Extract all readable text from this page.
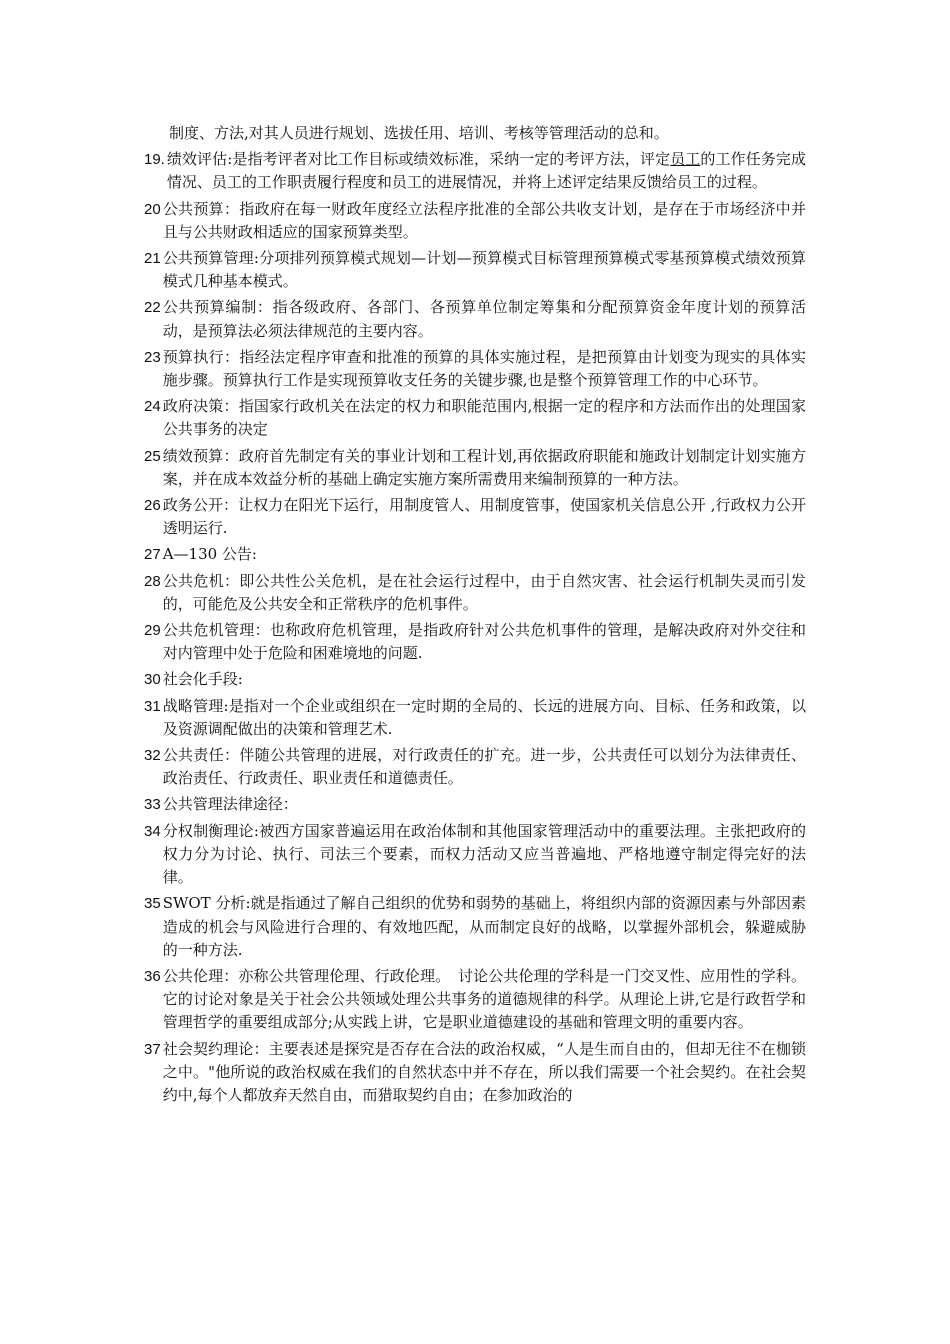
制度、方法,对其人员进行规划、选拔任用、培训、考核等管理活动的总和。
19. 绩效评估:是指考评者对比工作目标或绩效标准，采纳一定的考评方法，评定员工的工作任务完成情况、员工的工作职责履行程度和员工的进展情况，并将上述评定结果反馈给员工的过程。
20 公共预算：指政府在每一财政年度经立法程序批准的全部公共收支计划，是存在于市场经济中并且与公共财政相适应的国家预算类型。
21 公共预算管理:分项排列预算模式规划—计划—预算模式目标管理预算模式零基预算模式绩效预算模式几种基本模式。
22 公共预算编制：指各级政府、各部门、各预算单位制定筹集和分配预算资金年度计划的预算活动，是预算法必须法律规范的主要内容。
23 预算执行：指经法定程序审查和批准的预算的具体实施过程，是把预算由计划变为现实的具体实施步骤。预算执行工作是实现预算收支任务的关键步骤,也是整个预算管理工作的中心环节。
24 政府决策：指国家行政机关在法定的权力和职能范围内,根据一定的程序和方法而作出的处理国家公共事务的决定
25 绩效预算：政府首先制定有关的事业计划和工程计划,再依据政府职能和施政计划制定计划实施方案，并在成本效益分析的基础上确定实施方案所需费用来编制预算的一种方法。
26 政务公开：让权力在阳光下运行，用制度管人、用制度管事，使国家机关信息公开 ,行政权力公开透明运行.
27 A—130 公告:
28 公共危机：即公共性公关危机，是在社会运行过程中，由于自然灾害、社会运行机制失灵而引发的，可能危及公共安全和正常秩序的危机事件。
29 公共危机管理：也称政府危机管理，是指政府针对公共危机事件的管理，是解决政府对外交往和对内管理中处于危险和困难境地的问题.
30 社会化手段:
31 战略管理:是指对一个企业或组织在一定时期的全局的、长远的进展方向、目标、任务和政策，以及资源调配做出的决策和管理艺术.
32 公共责任：伴随公共管理的进展，对行政责任的扩充。进一步，公共责任可以划分为法律责任、政治责任、行政责任、职业责任和道德责任。
33 公共管理法律途径：
34 分权制衡理论:被西方国家普遍运用在政治体制和其他国家管理活动中的重要法理。主张把政府的权力分为讨论、执行、司法三个要素，而权力活动又应当普遍地、严格地遵守制定得完好的法律。
35 SWOT 分析:就是指通过了解自己组织的优势和弱势的基础上，将组织内部的资源因素与外部因素造成的机会与风险进行合理的、有效地匹配，从而制定良好的战略，以掌握外部机会，躲避威胁的一种方法.
36 公共伦理：亦称公共管理伦理、行政伦理。　讨论公共伦理的学科是一门交叉性、应用性的学科。它的讨论对象是关于社会公共领域处理公共事务的道德规律的科学。从理论上讲,它是行政哲学和管理哲学的重要组成部分;从实践上讲，它是职业道德建设的基础和管理文明的重要内容。
37 社会契约理论：主要表述是探究是否存在合法的政治权威，“人是生而自由的，但却无往不在枷锁之中。"他所说的政治权威在我们的自然状态中并不存在，所以我们需要一个社会契约。在社会契约中,每个人都放弃天然自由，而猎取契约自由；在参加政治的
